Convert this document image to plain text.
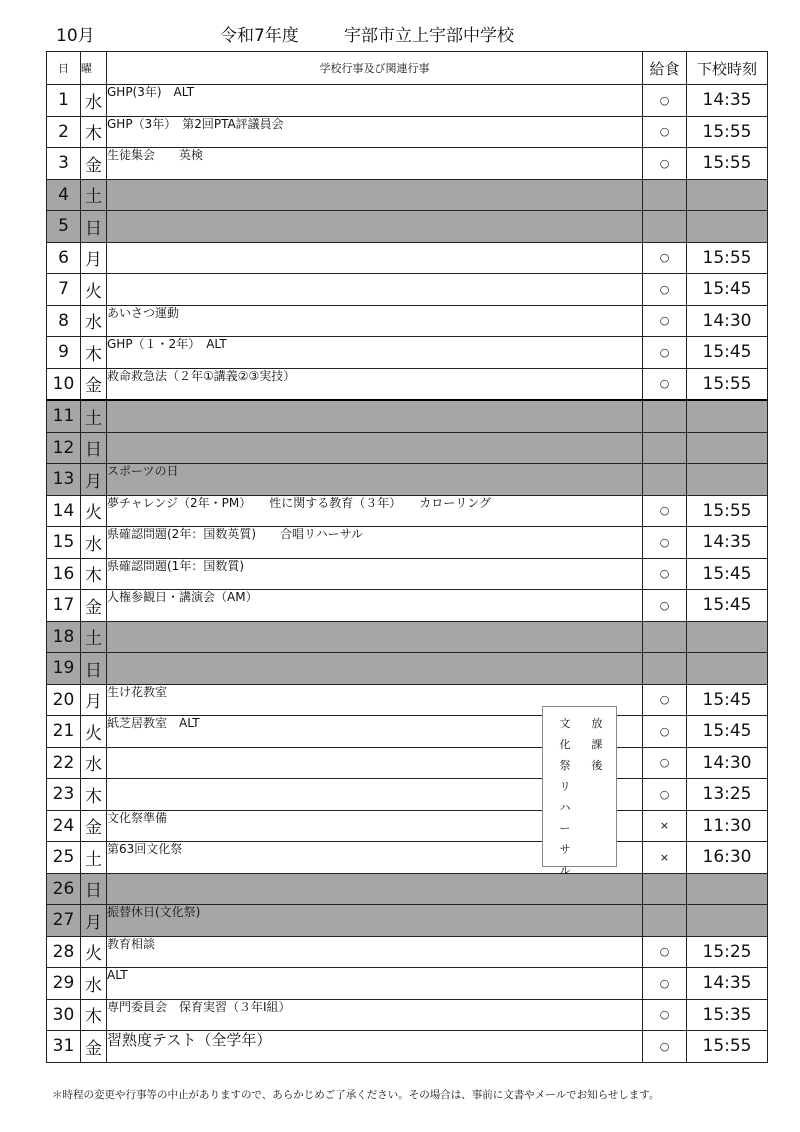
10月	令和7年度	宇部市立上宇部中学校
日	曜	学校行事及び関連行事	給食	下校時刻
1	水	GHP(3年)　ALT	○	14:35
2	木	GHP（3年）　第2回PTA評議員会	○	15:55
3	金	生徒集会　　英検	○	15:55
4	土			
5	日			
6	月		○	15:55
7	火		○	15:45
8	水	あいさつ運動	○	14:30
9	木	GHP（１・2年）　ALT	○	15:45
10	金	救命救急法（２年①講義②③実技）	○	15:55
11	土			
12	日			
13	月	スポーツの日		
14	火	夢チャレンジ（2年・PM）　　性に関する教育（３年）　　カローリング	○	15:55
15	水	県確認問題(2年：国数英質)　　合唱リハーサル	○	14:35
16	木	県確認問題(1年：国数質)	○	15:45
17	金	人権参観日・講演会（AM）	○	15:45
18	土			
19	日			
20	月	生け花教室	○	15:45
21	火	紙芝居教室　ALT	○	15:45
22	水		○	14:30
23	木		○	13:25
24	金	文化祭準備	×	11:30
25	土	第63回文化祭	×	16:30
26	日			
27	月	振替休日(文化祭)		
28	火	教育相談	○	15:25
29	水	ALT	○	14:35
30	木	専門委員会　保育実習（３年Ⅰ組）	○	15:35
31	金	習熟度テスト（全学年）	○	15:55
放課後
文化祭リハーサル
＊時程の変更や行事等の中止がありますので、あらかじめご了承ください。その場合は、事前に文書やメールでお知らせします。
